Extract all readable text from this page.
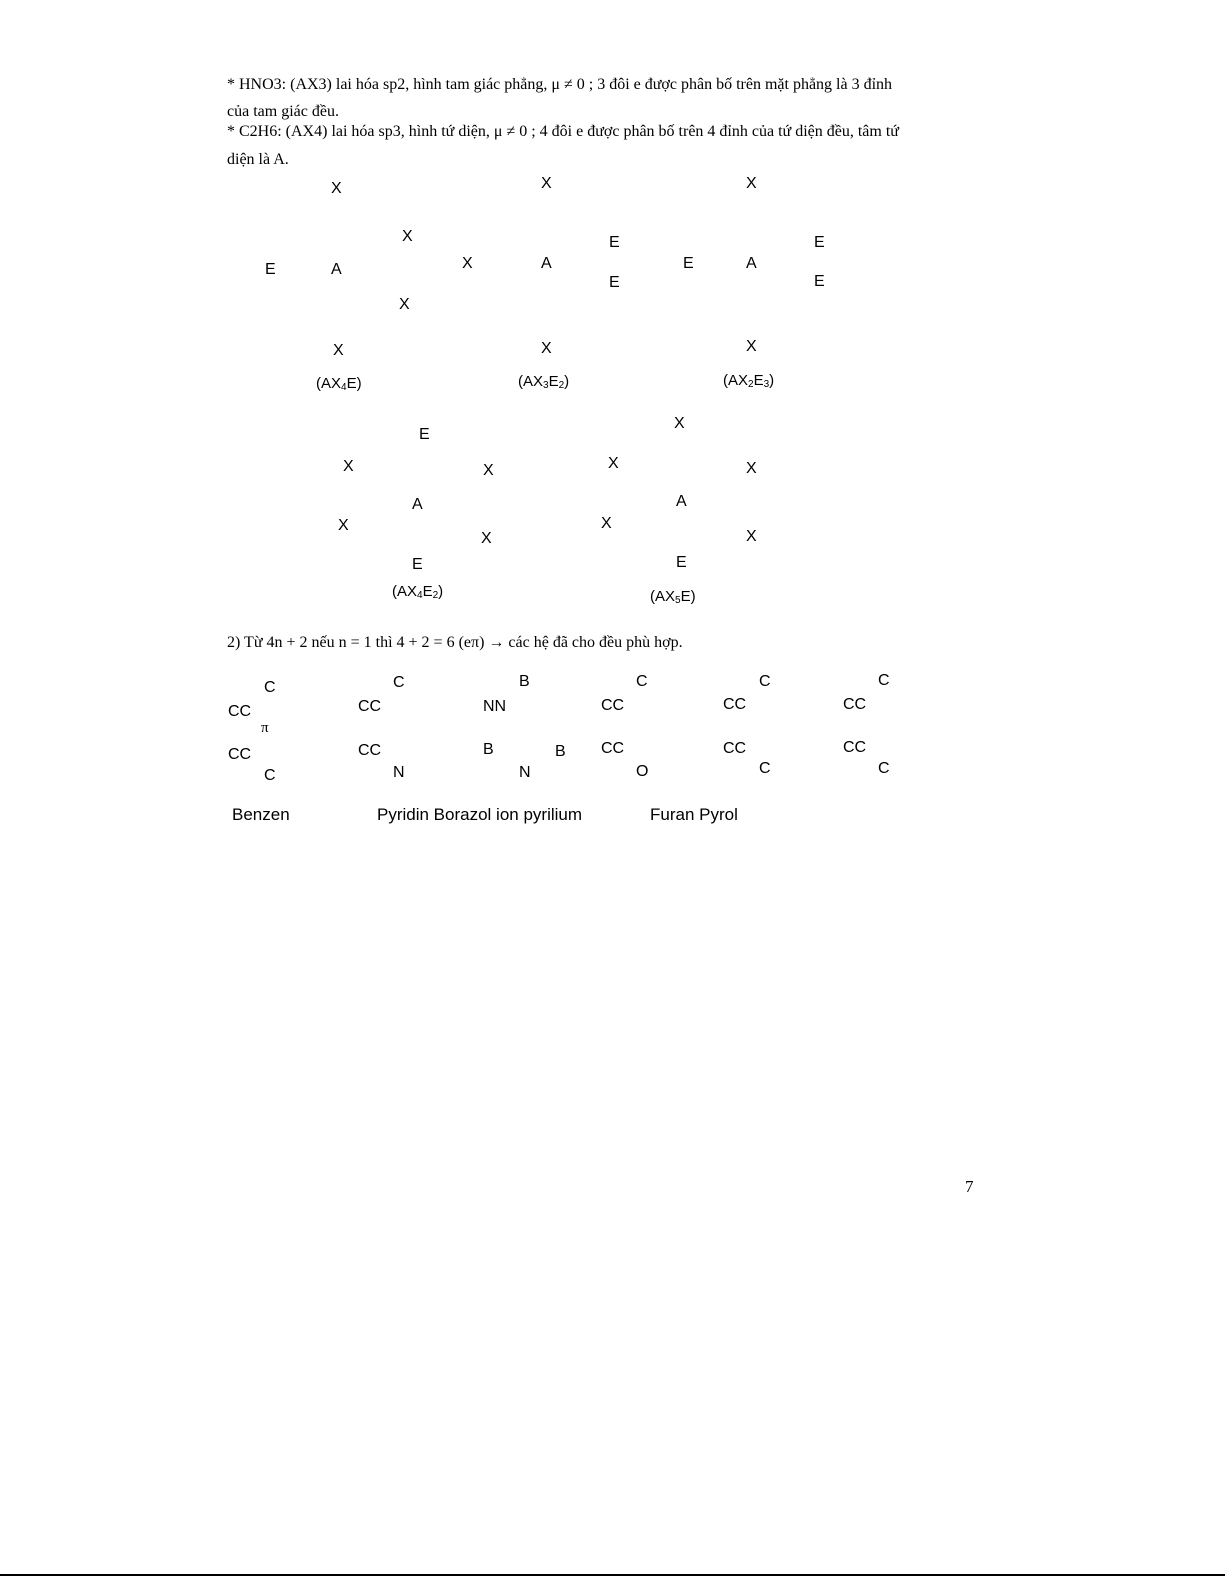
* HNO3: (AX3) lai hóa sp2, hình tam giác phẳng, μ ≠ 0 ; 3 đôi e được phân bố trên mặt phẳng là 3 đỉnh
của tam giác đều.
* C2H6: (AX4) lai hóa sp3, hình tứ diện, μ ≠ 0 ; 4 đôi e được phân bố trên 4 đỉnh của tứ diện đều, tâm tứ
diện là A.
X
X
E	A
X
X
$(AX_4E)$
X
X	A
E
E
X
$(AX_3E_2)$
X
E	A
E
E
X
$(AX_2E_3)$
E
X	X
A
X
X
E
$(AX_4E_2)$
X
X	X
A
X
X
E
$(AX_5E)$
2) Từ 4n + 2 nếu n = 1 thì 4 + 2 = 6 (eπ) → các hệ đã cho đều phù hợp.
C
CC
π
CC
C
C
CC
CC
N
B
NN
B	B
N
C
CC
CC
O
C
CC
CC
C
C
CC
CC
C
Benzen	Pyridin Borazol ion pyrilium	Furan Pyrol
7
